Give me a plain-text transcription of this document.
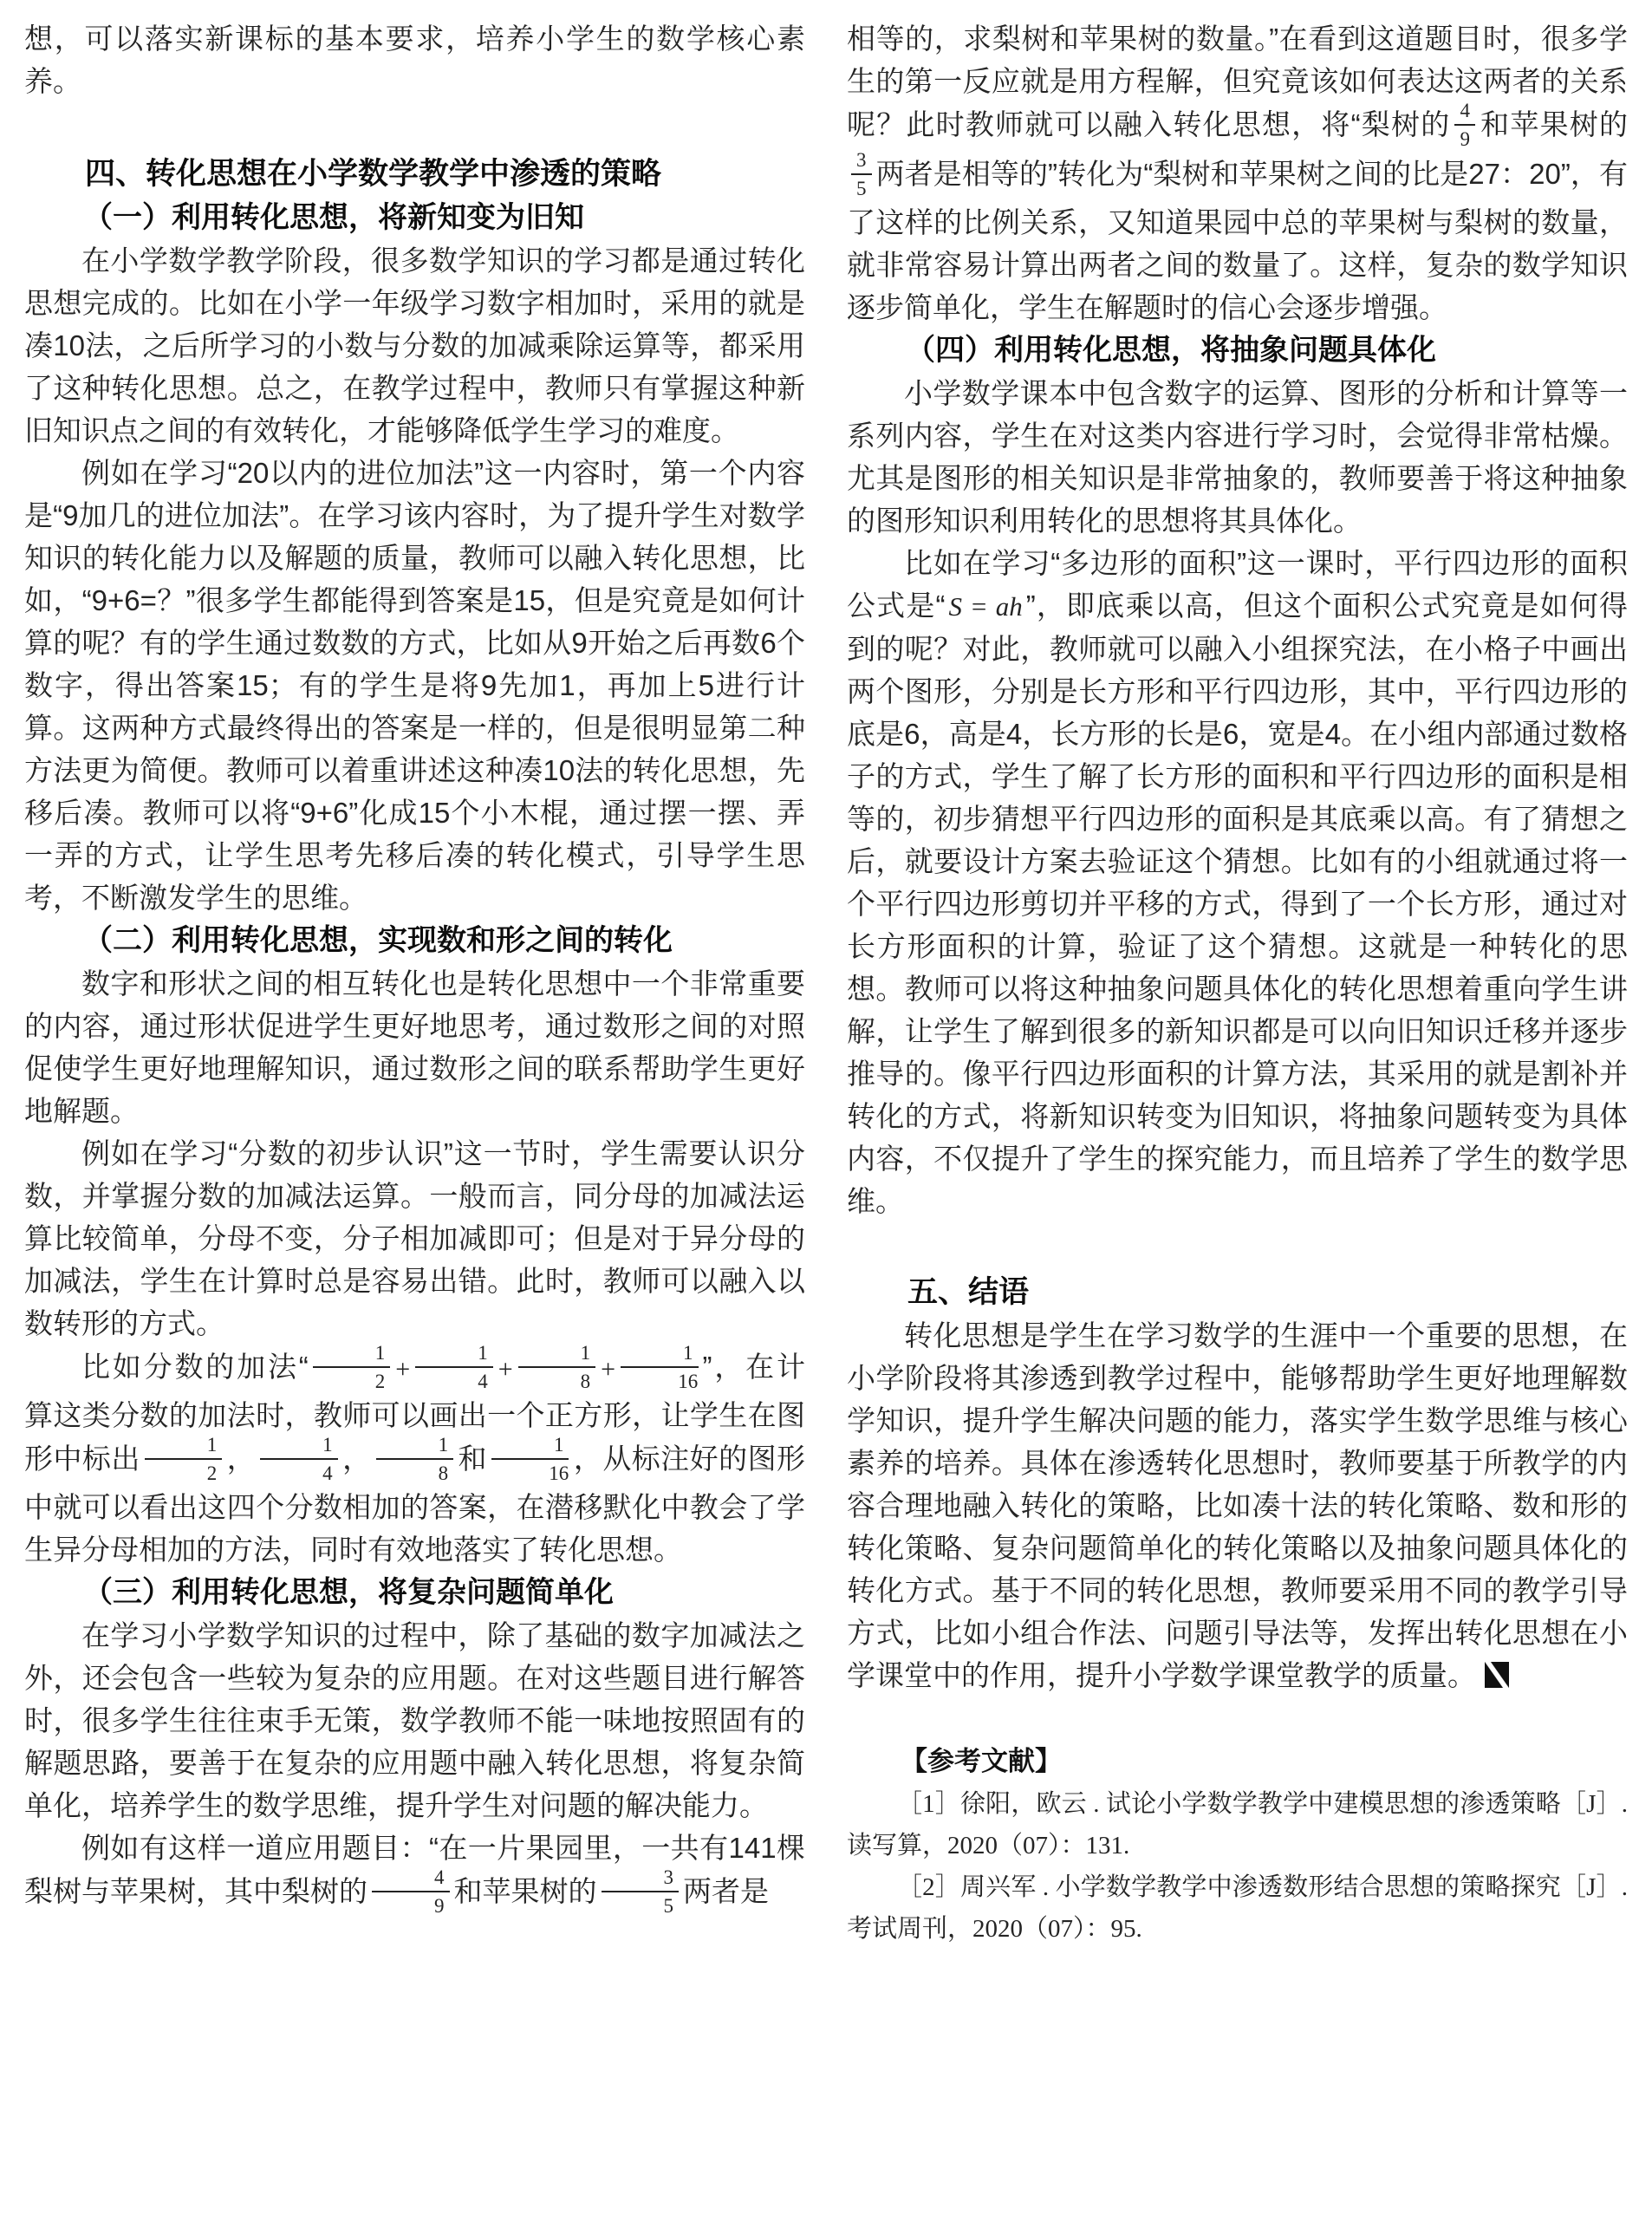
想，可以落实新课标的基本要求，培养小学生的数学核心素养。

四、转化思想在小学数学教学中渗透的策略
（一）利用转化思想，将新知变为旧知

在小学数学教学阶段，很多数学知识的学习都是通过转化思想完成的。比如在小学一年级学习数字相加时，采用的就是凑10法，之后所学习的小数与分数的加减乘除运算等，都采用了这种转化思想。总之，在教学过程中，教师只有掌握这种新旧知识点之间的有效转化，才能够降低学生学习的难度。

例如在学习“20以内的进位加法”这一内容时，第一个内容是“9加几的进位加法”。在学习该内容时，为了提升学生对数学知识的转化能力以及解题的质量，教师可以融入转化思想，比如，“9+6=？”很多学生都能得到答案是15，但是究竟是如何计算的呢？有的学生通过数数的方式，比如从9开始之后再数6个数字，得出答案15；有的学生是将9先加1，再加上5进行计算。这两种方式最终得出的答案是一样的，但是很明显第二种方法更为简便。教师可以着重讲述这种凑10法的转化思想，先移后凑。教师可以将“9+6”化成15个小木棍，通过摆一摆、弄一弄的方式，让学生思考先移后凑的转化模式，引导学生思考，不断激发学生的思维。

（二）利用转化思想，实现数和形之间的转化

数字和形状之间的相互转化也是转化思想中一个非常重要的内容，通过形状促进学生更好地思考，通过数形之间的对照促使学生更好地理解知识，通过数形之间的联系帮助学生更好地解题。

例如在学习“分数的初步认识”这一节时，学生需要认识分数，并掌握分数的加减法运算。一般而言，同分母的加减法运算比较简单，分母不变，分子相加减即可；但是对于异分母的加减法，学生在计算时总是容易出错。此时，教师可以融入以数转形的方式。

比如分数的加法“ $\frac{1}{2} + \frac{1}{4} + \frac{1}{8} + \frac{1}{16}$ ”，在计算这类分数的加法时，教师可以画出一个正方形，让学生在图形中标出 $\frac{1}{2}$ ， $\frac{1}{4}$ ， $\frac{1}{8}$ 和 $\frac{1}{16}$ ，从标注好的图形中就可以看出这四个分数相加的答案，在潜移默化中教会了学生异分母相加的方法，同时有效地落实了转化思想。

（三）利用转化思想，将复杂问题简单化

在学习小学数学知识的过程中，除了基础的数字加减法之外，还会包含一些较为复杂的应用题。在对这些题目进行解答时，很多学生往往束手无策，数学教师不能一味地按照固有的解题思路，要善于在复杂的应用题中融入转化思想，将复杂简单化，培养学生的数学思维，提升学生对问题的解决能力。

例如有这样一道应用题目：“在一片果园里，一共有141棵梨树与苹果树，其中梨树的 $\frac{4}{9}$ 和苹果树的 $\frac{3}{5}$ 两者是

相等的，求梨树和苹果树的数量。”在看到这道题目时，很多学生的第一反应就是用方程解，但究竟该如何表达这两者的关系呢？此时教师就可以融入转化思想，将“梨树的 $\frac{4}{9}$ 和苹果树的
$\frac{3}{5}$ 两者是相等的”转化为“梨树和苹果树之间的比是27：20”，有了这样的比例关系，又知道果园中总的苹果树与梨树的数量，就非常容易计算出两者之间的数量了。这样，复杂的数学知识逐步简单化，学生在解题时的信心会逐步增强。

（四）利用转化思想，将抽象问题具体化

小学数学课本中包含数字的运算、图形的分析和计算等一系列内容，学生在对这类内容进行学习时，会觉得非常枯燥。尤其是图形的相关知识是非常抽象的，教师要善于将这种抽象的图形知识利用转化的思想将其具体化。

比如在学习“多边形的面积”这一课时，平行四边形的面积公式是“ S = ah ”，即底乘以高，但这个面积公式究竟是如何得到的呢？对此，教师就可以融入小组探究法，在小格子中画出两个图形，分别是长方形和平行四边形，其中，平行四边形的底是6，高是4，长方形的长是6，宽是4。在小组内部通过数格子的方式，学生了解了长方形的面积和平行四边形的面积是相等的，初步猜想平行四边形的面积是其底乘以高。有了猜想之后，就要设计方案去验证这个猜想。比如有的小组就通过将一个平行四边形剪切并平移的方式，得到了一个长方形，通过对长方形面积的计算，验证了这个猜想。这就是一种转化的思想。教师可以将这种抽象问题具体化的转化思想着重向学生讲解，让学生了解到很多的新知识都是可以向旧知识迁移并逐步推导的。像平行四边形面积的计算方法，其采用的就是割补并转化的方式，将新知识转变为旧知识，将抽象问题转变为具体内容，不仅提升了学生的探究能力，而且培养了学生的数学思维。

五、结语

转化思想是学生在学习数学的生涯中一个重要的思想，在小学阶段将其渗透到教学过程中，能够帮助学生更好地理解数学知识，提升学生解决问题的能力，落实学生数学思维与核心素养的培养。具体在渗透转化思想时，教师要基于所教学的内容合理地融入转化的策略，比如凑十法的转化策略、数和形的转化策略、复杂问题简单化的转化策略以及抽象问题具体化的转化方式。基于不同的转化思想，教师要采用不同的教学引导方式，比如小组合作法、问题引导法等，发挥出转化思想在小学课堂中的作用，提升小学数学课堂教学的质量。

【参考文献】

［1］徐阳，欧云 . 试论小学数学教学中建模思想的渗透策略［J］. 读写算，2020（07）：131.

［2］周兴军 . 小学数学教学中渗透数形结合思想的策略探究［J］. 考试周刊，2020（07）：95.
